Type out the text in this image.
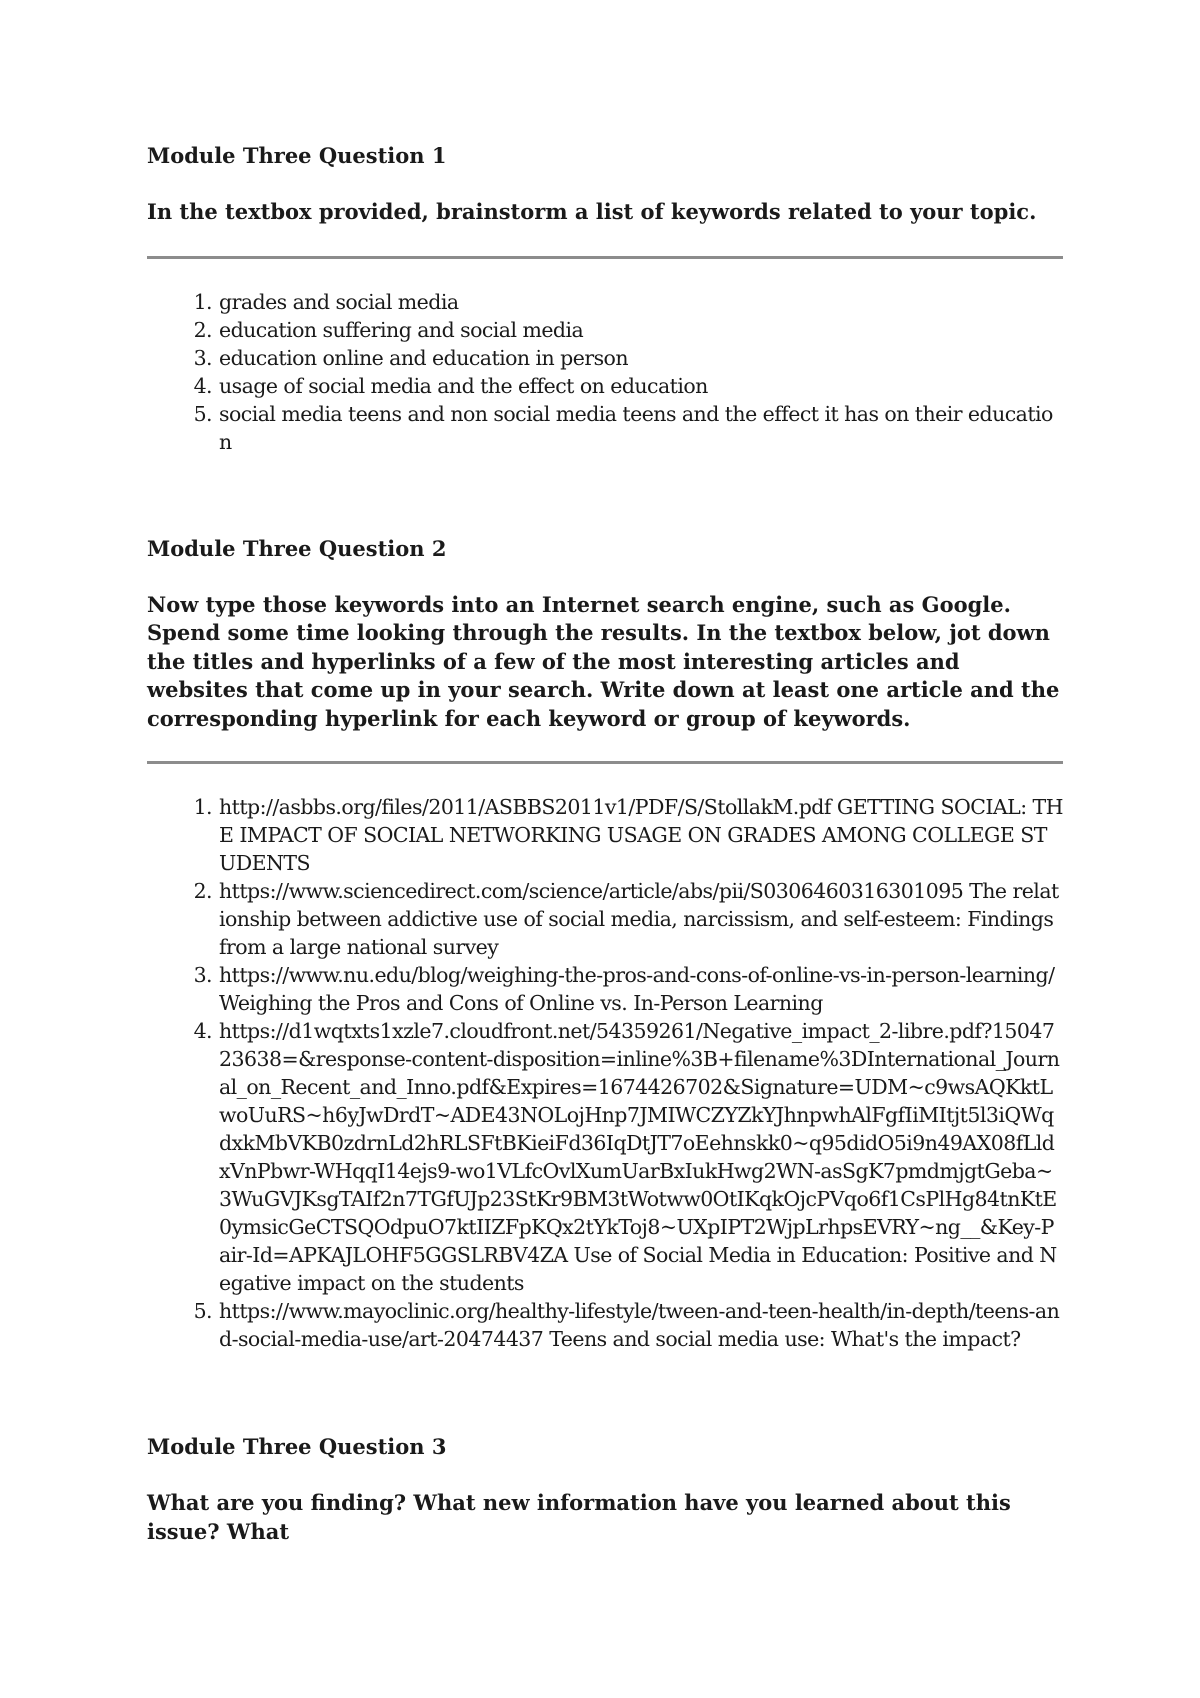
Module Three Question 1

In the textbox provided, brainstorm a list of keywords related to your topic.

1. grades and social media
2. education suffering and social media
3. education online and education in person
4. usage of social media and the effect on education
5. social media teens and non social media teens and the effect it has on their education

Module Three Question 2

Now type those keywords into an Internet search engine, such as Google. Spend some time looking through the results. In the textbox below, jot down the titles and hyperlinks of a few of the most interesting articles and websites that come up in your search. Write down at least one article and the corresponding hyperlink for each keyword or group of keywords.

1. http://asbbs.org/files/2011/ASBBS2011v1/PDF/S/StollakM.pdf GETTING SOCIAL: THE IMPACT OF SOCIAL NETWORKING USAGE ON GRADES AMONG COLLEGE STUDENTS
2. https://www.sciencedirect.com/science/article/abs/pii/S0306460316301095 The relationship between addictive use of social media, narcissism, and self-esteem: Findings from a large national survey
3. https://www.nu.edu/blog/weighing-the-pros-and-cons-of-online-vs-in-person-learning/ Weighing the Pros and Cons of Online vs. In-Person Learning
4. https://d1wqtxts1xzle7.cloudfront.net/54359261/Negative_impact_2-libre.pdf?1504723638=&response-content-disposition=inline%3B+filename%3DInternational_Journal_on_Recent_and_Inno.pdf&Expires=1674426702&Signature=UDM~c9wsAQKktLwoUuRS~h6yJwDrdT~ADE43NOLojHnp7JMIWCZYZkYJhnpwhAlFgfIiMItjt5l3iQWqdxkMbVKB0zdrnLd2hRLSFtBKieiFd36IqDtJT7oEehnskk0~q95didO5i9n49AX08fLldxVnPbwr-WHqqI14ejs9-wo1VLfcOvlXumUarBxIukHwg2WN-asSgK7pmdmjgtGeba~3WuGVJKsgTAIf2n7TGfUJp23StKr9BM3tWotww0OtIKqkOjcPVqo6f1CsPlHg84tnKtE0ymsicGeCTSQOdpuO7ktIIZFpKQx2tYkToj8~UXpIPT2WjpLrhpsEVRY~ng__&Key-Pair-Id=APKAJLOHF5GGSLRBV4ZA Use of Social Media in Education: Positive and Negative impact on the students
5. https://www.mayoclinic.org/healthy-lifestyle/tween-and-teen-health/in-depth/teens-and-social-media-use/art-20474437 Teens and social media use: What's the impact?

Module Three Question 3

What are you finding? What new information have you learned about this issue? What
